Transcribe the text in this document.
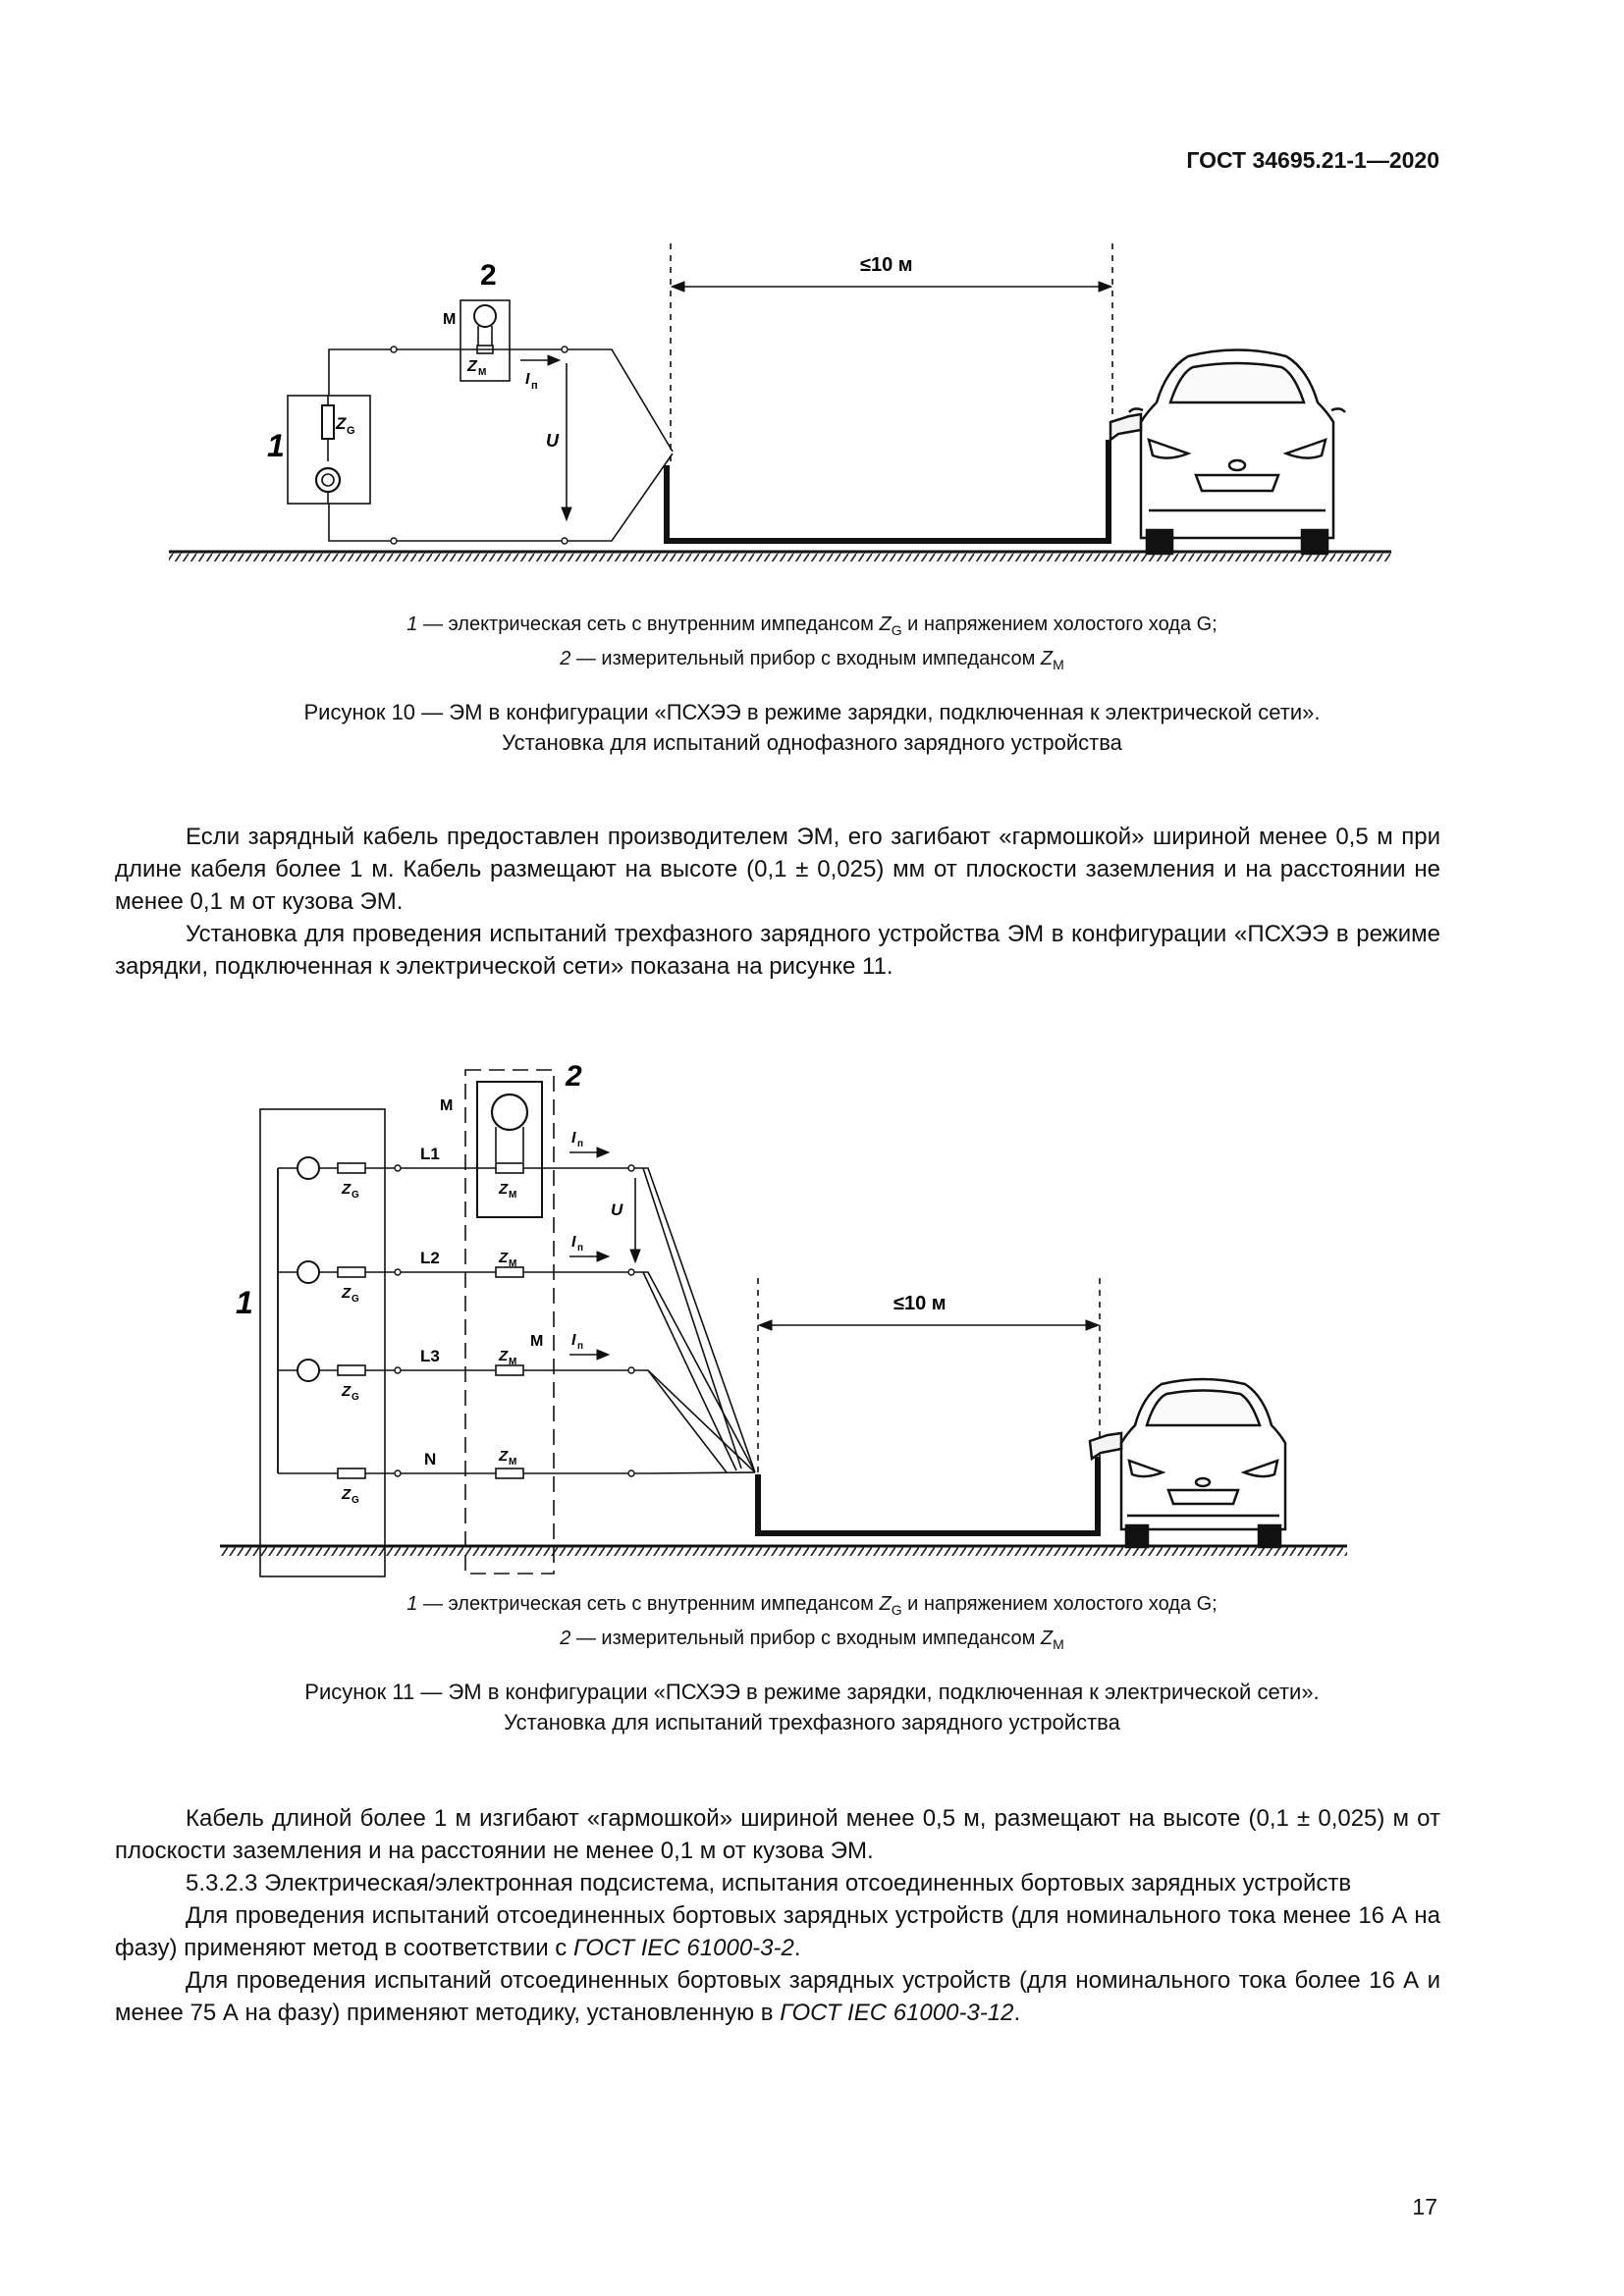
ГОСТ 34695.21-1—2020
1
2
М
Z G
Z M I п
U
≤10 м
1 — электрическая сеть с внутренним импедансом $Z_G$ и напряжением холостого хода G;
2 — измерительный прибор с входным импедансом $Z_M$
Рисунок 10 — ЭМ в конфигурации «ПСХЭЭ в режиме зарядки, подключенная к электрической сети».
Установка для испытаний однофазного зарядного устройства

Если зарядный кабель предоставлен производителем ЭМ, его загибают «гармошкой» шириной менее 0,5 м при длине кабеля более 1 м. Кабель размещают на высоте (0,1 ± 0,025) мм от плоскости заземления и на расстоянии не менее 0,1 м от кузова ЭМ.

Установка для проведения испытаний трехфазного зарядного устройства ЭМ в конфигурации «ПСХЭЭ в режиме зарядки, подключенная к электрической сети» показана на рисунке 11.

1
2
М
L1
L2
L3
N
М
Z G
Z G
Z G
Z G
Z M
Z M
Z M
Z M
I п
I п
I п
U
≤10 м
1 — электрическая сеть с внутренним импедансом $Z_G$ и напряжением холостого хода G;
2 — измерительный прибор с входным импедансом $Z_M$
Рисунок 11 — ЭМ в конфигурации «ПСХЭЭ в режиме зарядки, подключенная к электрической сети».
Установка для испытаний трехфазного зарядного устройства

Кабель длиной более 1 м изгибают «гармошкой» шириной менее 0,5 м, размещают на высоте (0,1 ± 0,025) м от плоскости заземления и на расстоянии не менее 0,1 м от кузова ЭМ.

5.3.2.3 Электрическая/электронная подсистема, испытания отсоединенных бортовых зарядных устройств

Для проведения испытаний отсоединенных бортовых зарядных устройств (для номинального тока менее 16 А на фазу) применяют метод в соответствии с ГОСТ IEC 61000-3-2.

Для проведения испытаний отсоединенных бортовых зарядных устройств (для номинального тока более 16 А и менее 75 А на фазу) применяют методику, установленную в ГОСТ IEC 61000-3-12.

17
